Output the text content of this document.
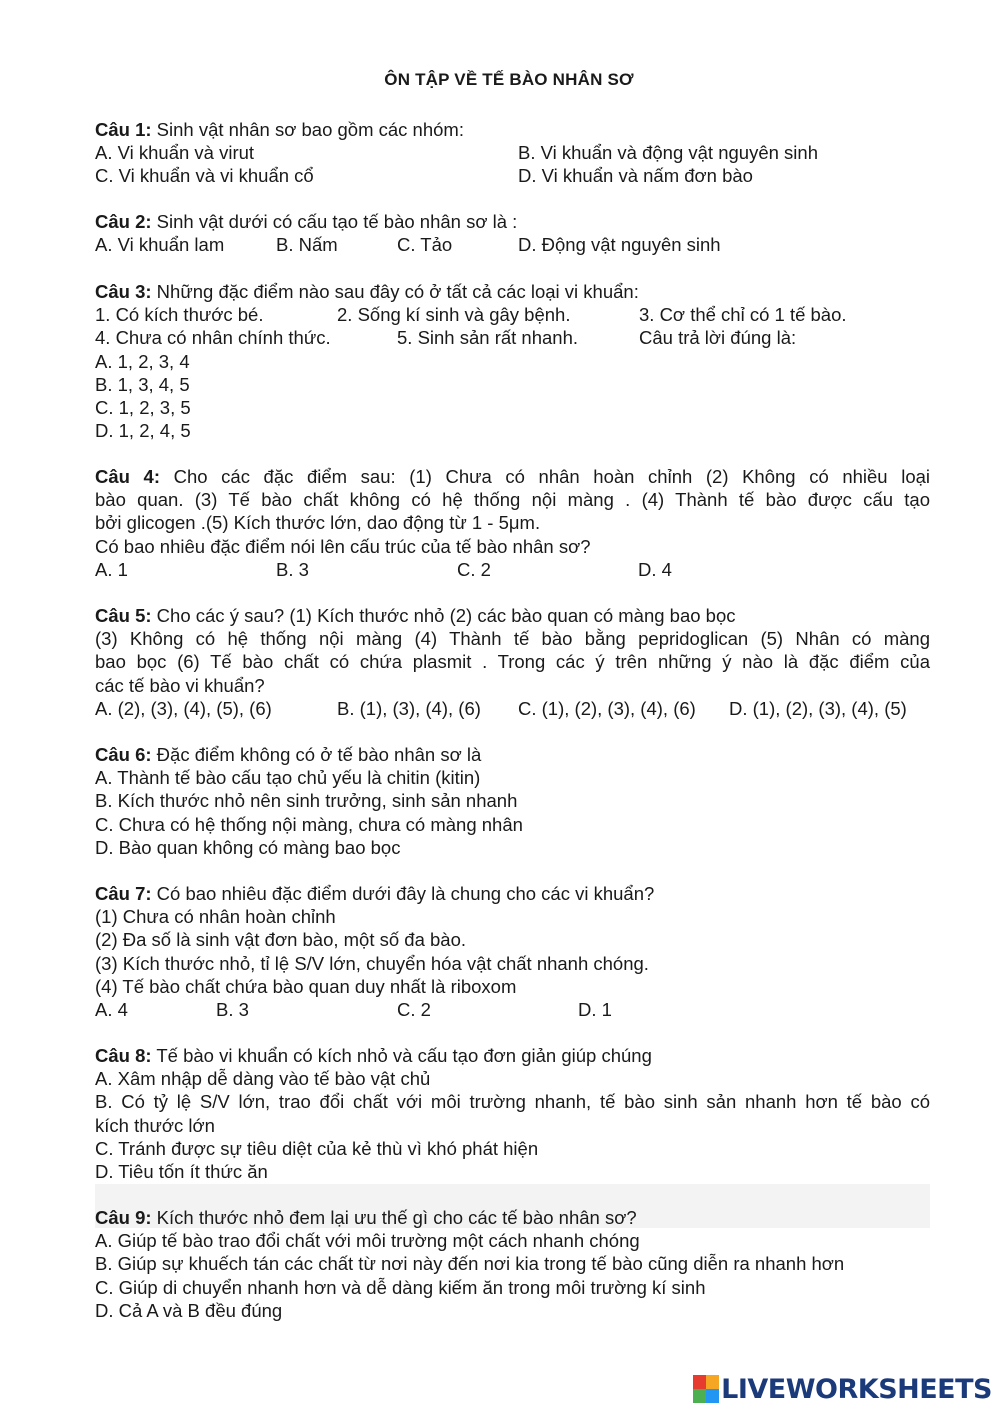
ÔN TẬP VỀ TẾ BÀO NHÂN SƠ
Câu 1: Sinh vật nhân sơ bao gồm các nhóm:
A. Vi khuẩn và virut	B. Vi khuẩn và động vật nguyên sinh
C. Vi khuẩn và vi khuẩn cổ	D. Vi khuẩn và nấm đơn bào
Câu 2: Sinh vật dưới có cấu tạo tế bào nhân sơ là :
A. Vi khuẩn lam	B. Nấm	C. Tảo	D. Động vật nguyên sinh
Câu 3: Những đặc điểm nào sau đây có ở tất cả các loại vi khuẩn:
1. Có kích thước bé.	2. Sống kí sinh và gây bệnh.	3. Cơ thể chỉ có 1 tế bào.
4. Chưa có nhân chính thức.	5. Sinh sản rất nhanh.	Câu trả lời đúng là:
A. 1, 2, 3, 4
B. 1, 3, 4, 5
C. 1, 2, 3, 5
D. 1, 2, 4, 5
Câu 4: Cho các đặc điểm sau: (1) Chưa có nhân hoàn chỉnh (2) Không có nhiều loại
bào quan. (3) Tế bào chất không có hệ thống nội màng . (4) Thành tế bào được cấu tạo
bởi glicogen .(5) Kích thước lớn, dao động từ 1 - 5μm.
Có bao nhiêu đặc điểm nói lên cấu trúc của tế bào nhân sơ?
A. 1	B. 3	C. 2	D. 4
Câu 5: Cho các ý sau? (1) Kích thước nhỏ (2) các bào quan có màng bao bọc
(3) Không có hệ thống nội màng (4) Thành tế bào bằng pepridoglican (5) Nhân có màng
bao bọc (6) Tế bào chất có chứa plasmit . Trong các ý trên những ý nào là đặc điểm của
các tế bào vi khuẩn?
A. (2), (3), (4), (5), (6)	B. (1), (3), (4), (6) C. (1), (2), (3), (4), (6) D. (1), (2), (3), (4), (5)
Câu 6: Đặc điểm không có ở tế bào nhân sơ là
A. Thành tế bào cấu tạo chủ yếu là chitin (kitin)
B. Kích thước nhỏ nên sinh trưởng, sinh sản nhanh
C. Chưa có hệ thống nội màng, chưa có màng nhân
D. Bào quan không có màng bao bọc
Câu 7: Có bao nhiêu đặc điểm dưới đây là chung cho các vi khuẩn?
(1) Chưa có nhân hoàn chỉnh
(2) Đa số là sinh vật đơn bào, một số đa bào.
(3) Kích thước nhỏ, tỉ lệ S/V lớn, chuyển hóa vật chất nhanh chóng.
(4) Tế bào chất chứa bào quan duy nhất là riboxom
A. 4	B. 3	C. 2	D. 1
Câu 8: Tế bào vi khuẩn có kích nhỏ và cấu tạo đơn giản giúp chúng
A. Xâm nhập dễ dàng vào tế bào vật chủ
B. Có tỷ lệ S/V lớn, trao đổi chất với môi trường nhanh, tế bào sinh sản nhanh hơn tế bào có
kích thước lớn
C. Tránh được sự tiêu diệt của kẻ thù vì khó phát hiện
D. Tiêu tốn ít thức ăn
Câu 9: Kích thước nhỏ đem lại ưu thế gì cho các tế bào nhân sơ?
A. Giúp tế bào trao đổi chất với môi trường một cách nhanh chóng
B. Giúp sự khuếch tán các chất từ nơi này đến nơi kia trong tế bào cũng diễn ra nhanh hơn
C. Giúp di chuyển nhanh hơn và dễ dàng kiếm ăn trong môi trường kí sinh
D. Cả A và B đều đúng
LIVEWORKSHEETS
